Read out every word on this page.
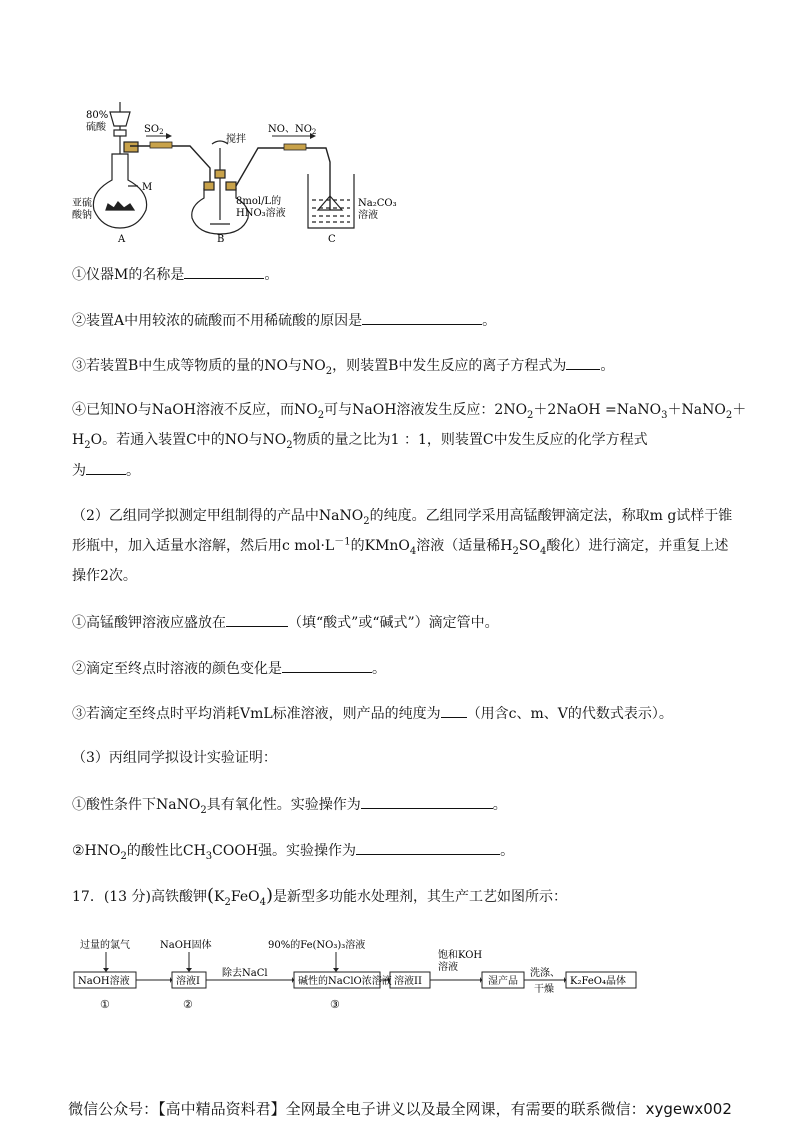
80%
硫酸	$SO_2$
搅拌
NO、$NO_2$
M
亚硫
酸钠
8mol/L的
HNO₃溶液
Na₂CO₃
溶液
A	B	C
①仪器M的名称是	。
②装置A中用较浓的硫酸而不用稀硫酸的原因是	。
③若装置B中生成等物质的量的NO与$NO_2$，则装置B中发生反应的离子方程式为 。
④已知NO与NaOH溶液不反应，而$NO_2$可与NaOH溶液发生反应：$2NO_2+2NaOH$ =NaNO$_3$＋NaNO$_2$＋
$H_2O$。若通入装置C中的NO与$NO_2$物质的量之比为1 ：1，则装置C中发生反应的化学方程式
为	。
（2）乙组同学拟测定甲组制得的产品中NaNO$_2$的纯度。乙组同学采用高锰酸钾滴定法，称取m g试样于锥
形瓶中，加入适量水溶解，然后用c $mol\cdot L^{-1}$的KMnO$_4$溶液（适量稀$H_2SO_4$酸化）进行滴定，并重复上述
操作2次。
①高锰酸钾溶液应盛放在	（填“酸式”或“碱式”）滴定管中。
②滴定至终点时溶液的颜色变化是	。
③若滴定至终点时平均消耗VmL标准溶液，则产品的纯度为 （用含c、m、V的代数式表示）。
（3）丙组同学拟设计实验证明：
①酸性条件下NaNO$_2$具有氧化性。实验操作为	。
$②HNO_2$的酸性比$CH_3COOH$强。实验操作为	。
17．(13 分)高铁酸钾$(K_2FeO_4)$是新型多功能水处理剂，其生产工艺如图所示：
过量的氯气	NaOH固体	90%的Fe(NO₃)₃溶液
饱和KOH
溶液
NaOH溶液	溶液I
除去NaCl
碱性的NaClO浓溶液 溶液II	湿产品
洗涤、
干燥
K₂FeO₄晶体
①	②	③
微信公众号：【高中精品资料君】全网最全电子讲义以及最全网课，有需要的联系微信：xygewx002
